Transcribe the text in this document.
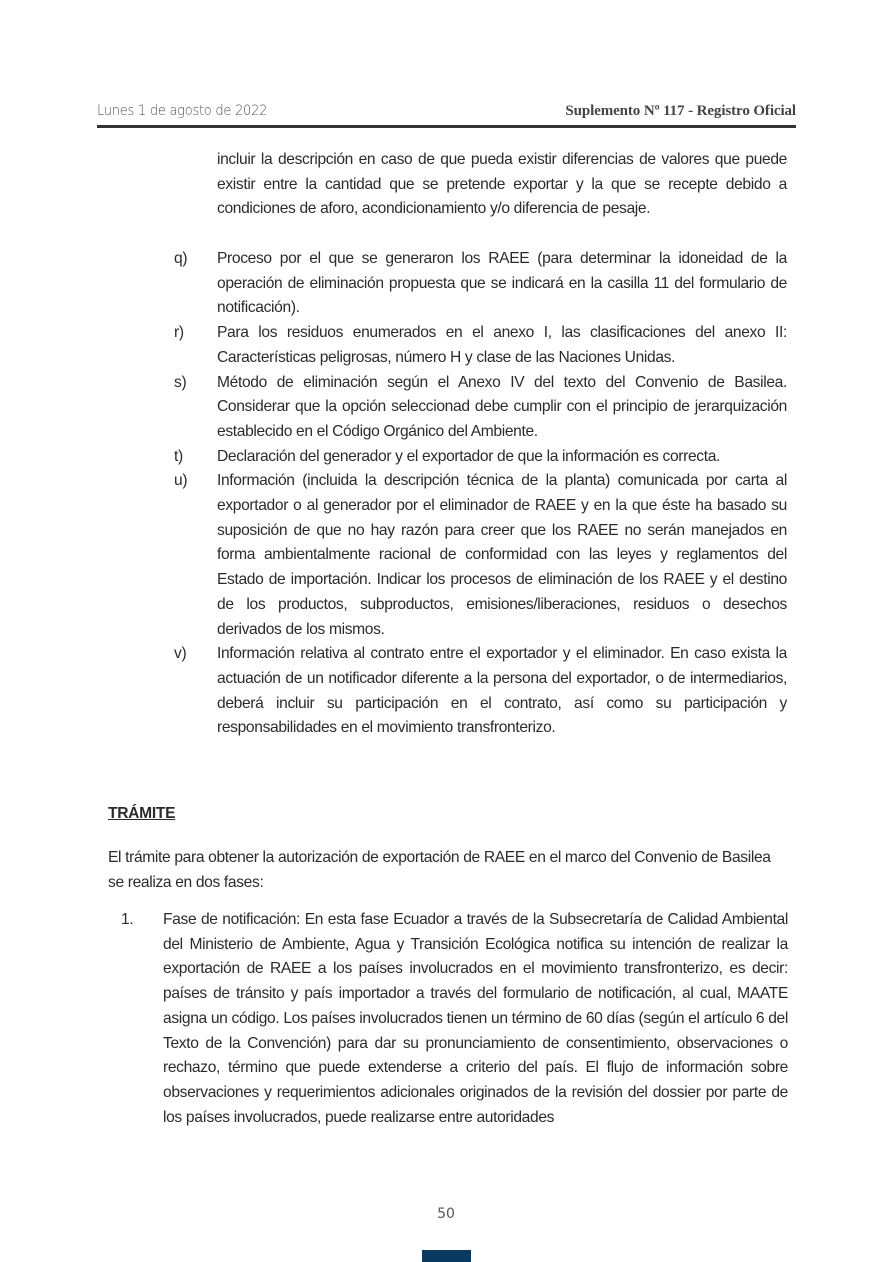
Lunes 1 de agosto de 2022	Suplemento Nº 117 - Registro Oficial
incluir la descripción en caso de que pueda existir diferencias de valores que puede existir entre la cantidad que se pretende exportar y la que se recepte debido a condiciones de aforo, acondicionamiento y/o diferencia de pesaje.
q)	Proceso por el que se generaron los RAEE (para determinar la idoneidad de la operación de eliminación propuesta que se indicará en la casilla 11 del formulario de notificación).
r)	Para los residuos enumerados en el anexo I, las clasificaciones del anexo II: Características peligrosas, número H y clase de las Naciones Unidas.
s)	Método de eliminación según el Anexo IV del texto del Convenio de Basilea. Considerar que la opción seleccionad debe cumplir con el principio de jerarquización establecido en el Código Orgánico del Ambiente.
t)	Declaración del generador y el exportador de que la información es correcta.
u)	Información (incluida la descripción técnica de la planta) comunicada por carta al exportador o al generador por el eliminador de RAEE y en la que éste ha basado su suposición de que no hay razón para creer que los RAEE no serán manejados en forma ambientalmente racional de conformidad con las leyes y reglamentos del Estado de importación. Indicar los procesos de eliminación de los RAEE y el destino de los productos, subproductos, emisiones/liberaciones, residuos o desechos derivados de los mismos.
v)	Información relativa al contrato entre el exportador y el eliminador. En caso exista la actuación de un notificador diferente a la persona del exportador, o de intermediarios, deberá incluir su participación en el contrato, así como su participación y responsabilidades en el movimiento transfronterizo.
TRÁMITE
El trámite para obtener la autorización de exportación de RAEE en el marco del Convenio de Basilea se realiza en dos fases:
1.	Fase de notificación: En esta fase Ecuador a través de la Subsecretaría de Calidad Ambiental del Ministerio de Ambiente, Agua y Transición Ecológica notifica su intención de realizar la exportación de RAEE a los países involucrados en el movimiento transfronterizo, es decir: países de tránsito y país importador a través del formulario de notificación, al cual, MAATE asigna un código. Los países involucrados tienen un término de 60 días (según el artículo 6 del Texto de la Convención) para dar su pronunciamiento de consentimiento, observaciones o rechazo, término que puede extenderse a criterio del país. El flujo de información sobre observaciones y requerimientos adicionales originados de la revisión del dossier por parte de los países involucrados, puede realizarse entre autoridades
50
